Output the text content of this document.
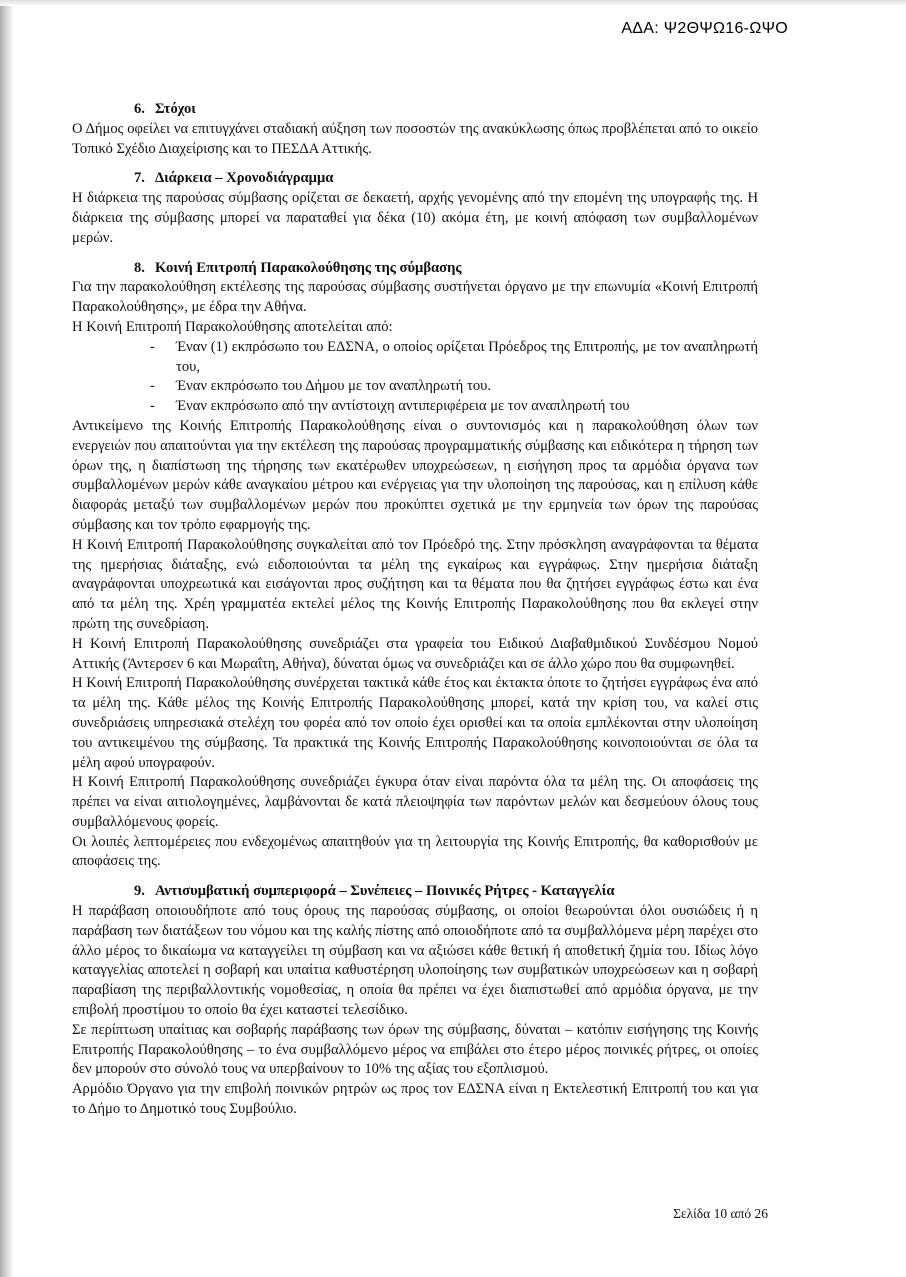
ΑΔΑ: Ψ2ΘΨΩ16-ΩΨΟ
6. Στόχοι

Ο Δήμος οφείλει να επιτυγχάνει σταδιακή αύξηση των ποσοστών της ανακύκλωσης όπως προβλέπεται από το οικείο Τοπικό Σχέδιο Διαχείρισης και το ΠΕΣΔΑ Αττικής.

7. Διάρκεια – Χρονοδιάγραμμα

Η διάρκεια της παρούσας σύμβασης ορίζεται σε δεκαετή, αρχής γενομένης από την επομένη της υπογραφής της. Η διάρκεια της σύμβασης μπορεί να παραταθεί για δέκα (10) ακόμα έτη, με κοινή απόφαση των συμβαλλομένων μερών.

8. Κοινή Επιτροπή Παρακολούθησης της σύμβασης

Για την παρακολούθηση εκτέλεσης της παρούσας σύμβασης συστήνεται όργανο με την επωνυμία «Κοινή Επιτροπή Παρακολούθησης», με έδρα την Αθήνα.

Η Κοινή Επιτροπή Παρακολούθησης αποτελείται από:

- Έναν (1) εκπρόσωπο του ΕΔΣΝΑ, ο οποίος ορίζεται Πρόεδρος της Επιτροπής, με τον αναπληρωτή του,
- Έναν εκπρόσωπο του Δήμου με τον αναπληρωτή του.
- Έναν εκπρόσωπο από την αντίστοιχη αντιπεριφέρεια με τον αναπληρωτή του

Αντικείμενο της Κοινής Επιτροπής Παρακολούθησης είναι ο συντονισμός και η παρακολούθηση όλων των ενεργειών που απαιτούνται για την εκτέλεση της παρούσας προγραμματικής σύμβασης και ειδικότερα η τήρηση των όρων της, η διαπίστωση της τήρησης των εκατέρωθεν υποχρεώσεων, η εισήγηση προς τα αρμόδια όργανα των συμβαλλομένων μερών κάθε αναγκαίου μέτρου και ενέργειας για την υλοποίηση της παρούσας, και η επίλυση κάθε διαφοράς μεταξύ των συμβαλλομένων μερών που προκύπτει σχετικά με την ερμηνεία των όρων της παρούσας σύμβασης και τον τρόπο εφαρμογής της.

Η Κοινή Επιτροπή Παρακολούθησης συγκαλείται από τον Πρόεδρό της. Στην πρόσκληση αναγράφονται τα θέματα της ημερήσιας διάταξης, ενώ ειδοποιούνται τα μέλη της εγκαίρως και εγγράφως. Στην ημερήσια διάταξη αναγράφονται υποχρεωτικά και εισάγονται προς συζήτηση και τα θέματα που θα ζητήσει εγγράφως έστω και ένα από τα μέλη της. Χρέη γραμματέα εκτελεί μέλος της Κοινής Επιτροπής Παρακολούθησης που θα εκλεγεί στην πρώτη της συνεδρίαση.

Η Κοινή Επιτροπή Παρακολούθησης συνεδριάζει στα γραφεία του Ειδικού Διαβαθμιδικού Συνδέσμου Νομού Αττικής (Άντερσεν 6 και Μωραΐτη, Αθήνα), δύναται όμως να συνεδριάζει και σε άλλο χώρο που θα συμφωνηθεί.

Η Κοινή Επιτροπή Παρακολούθησης συνέρχεται τακτικά κάθε έτος και έκτακτα όποτε το ζητήσει εγγράφως ένα από τα μέλη της. Κάθε μέλος της Κοινής Επιτροπής Παρακολούθησης μπορεί, κατά την κρίση του, να καλεί στις συνεδριάσεις υπηρεσιακά στελέχη του φορέα από τον οποίο έχει ορισθεί και τα οποία εμπλέκονται στην υλοποίηση του αντικειμένου της σύμβασης. Τα πρακτικά της Κοινής Επιτροπής Παρακολούθησης κοινοποιούνται σε όλα τα μέλη αφού υπογραφούν.

Η Κοινή Επιτροπή Παρακολούθησης συνεδριάζει έγκυρα όταν είναι παρόντα όλα τα μέλη της. Οι αποφάσεις της πρέπει να είναι αιτιολογημένες, λαμβάνονται δε κατά πλειοψηφία των παρόντων μελών και δεσμεύουν όλους τους συμβαλλόμενους φορείς.

Οι λοιπές λεπτομέρειες που ενδεχομένως απαιτηθούν για τη λειτουργία της Κοινής Επιτροπής, θα καθορισθούν με αποφάσεις της.

9. Αντισυμβατική συμπεριφορά – Συνέπειες – Ποινικές Ρήτρες - Καταγγελία

Η παράβαση οποιουδήποτε από τους όρους της παρούσας σύμβασης, οι οποίοι θεωρούνται όλοι ουσιώδεις ή η παράβαση των διατάξεων του νόμου και της καλής πίστης από οποιοδήποτε από τα συμβαλλόμενα μέρη παρέχει στο άλλο μέρος το δικαίωμα να καταγγείλει τη σύμβαση και να αξιώσει κάθε θετική ή αποθετική ζημία του. Ιδίως λόγο καταγγελίας αποτελεί η σοβαρή και υπαίτια καθυστέρηση υλοποίησης των συμβατικών υποχρεώσεων και η σοβαρή παραβίαση της περιβαλλοντικής νομοθεσίας, η οποία θα πρέπει να έχει διαπιστωθεί από αρμόδια όργανα, με την επιβολή προστίμου το οποίο θα έχει καταστεί τελεσίδικο.

Σε περίπτωση υπαίτιας και σοβαρής παράβασης των όρων της σύμβασης, δύναται – κατόπιν εισήγησης της Κοινής Επιτροπής Παρακολούθησης – το ένα συμβαλλόμενο μέρος να επιβάλει στο έτερο μέρος ποινικές ρήτρες, οι οποίες δεν μπορούν στο σύνολό τους να υπερβαίνουν το 10% της αξίας του εξοπλισμού.

Αρμόδιο Όργανο για την επιβολή ποινικών ρητρών ως προς τον ΕΔΣΝΑ είναι η Εκτελεστική Επιτροπή του και για το Δήμο το Δημοτικό τους Συμβούλιο.

Σελίδα 10 από 26
